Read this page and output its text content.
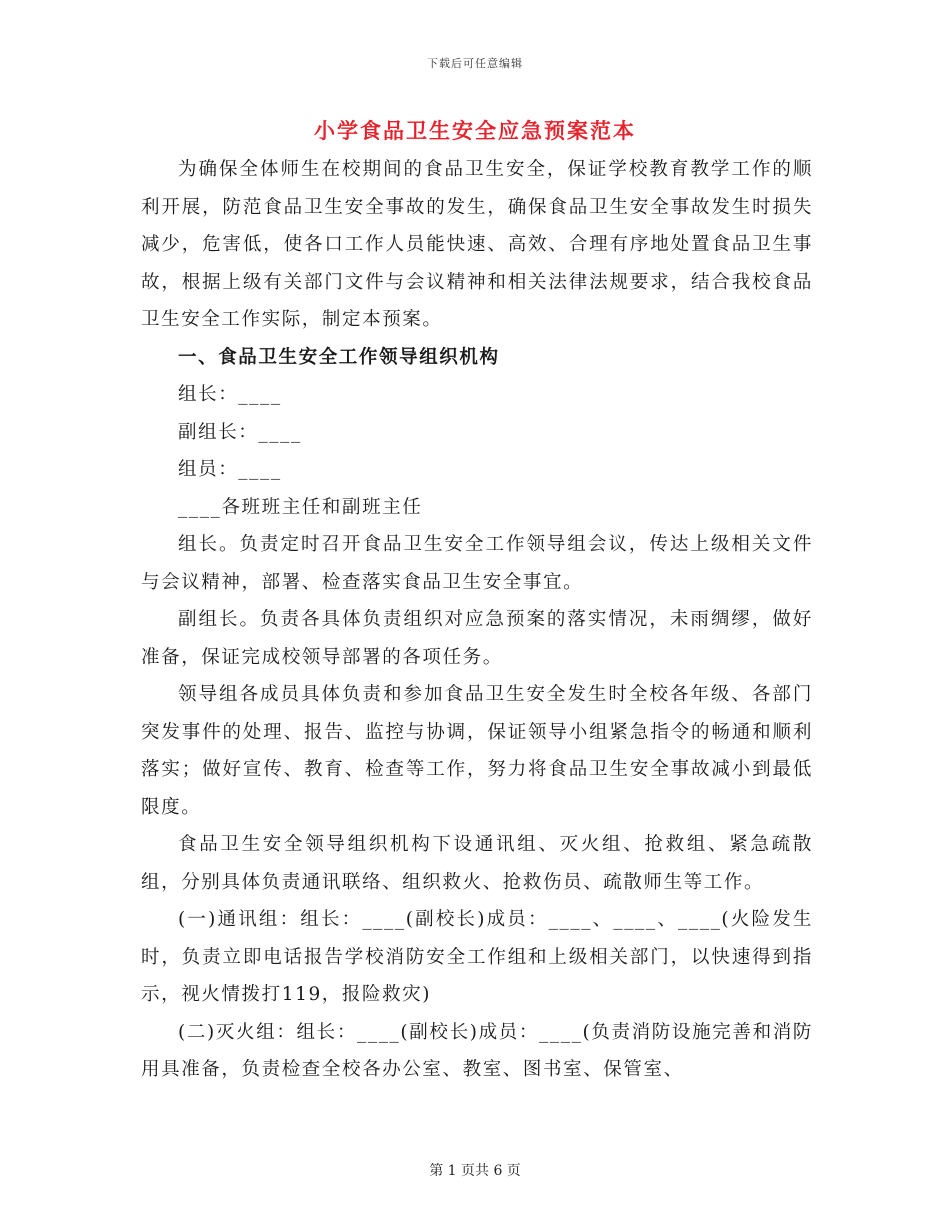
下载后可任意编辑
小学食品卫生安全应急预案范本

为确保全体师生在校期间的食品卫生安全，保证学校教育教学工作的顺利开展，防范食品卫生安全事故的发生，确保食品卫生安全事故发生时损失减少，危害低，使各口工作人员能快速、高效、合理有序地处置食品卫生事故，根据上级有关部门文件与会议精神和相关法律法规要求，结合我校食品卫生安全工作实际，制定本预案。

一、食品卫生安全工作领导组织机构

组长：____

副组长：____

组员：____

____各班班主任和副班主任

组长。负责定时召开食品卫生安全工作领导组会议，传达上级相关文件与会议精神，部署、检查落实食品卫生安全事宜。

副组长。负责各具体负责组织对应急预案的落实情况，未雨绸缪，做好准备，保证完成校领导部署的各项任务。

领导组各成员具体负责和参加食品卫生安全发生时全校各年级、各部门突发事件的处理、报告、监控与协调，保证领导小组紧急指令的畅通和顺利落实；做好宣传、教育、检查等工作，努力将食品卫生安全事故减小到最低限度。

食品卫生安全领导组织机构下设通讯组、灭火组、抢救组、紧急疏散组，分别具体负责通讯联络、组织救火、抢救伤员、疏散师生等工作。

(一)通讯组：组长：____(副校长)成员：____、____、____(火险发生时，负责立即电话报告学校消防安全工作组和上级相关部门，以快速得到指示，视火情拨打119，报险救灾)

(二)灭火组：组长：____(副校长)成员：____(负责消防设施完善和消防用具准备，负责检查全校各办公室、教室、图书室、保管室、

第 1 页共 6 页
